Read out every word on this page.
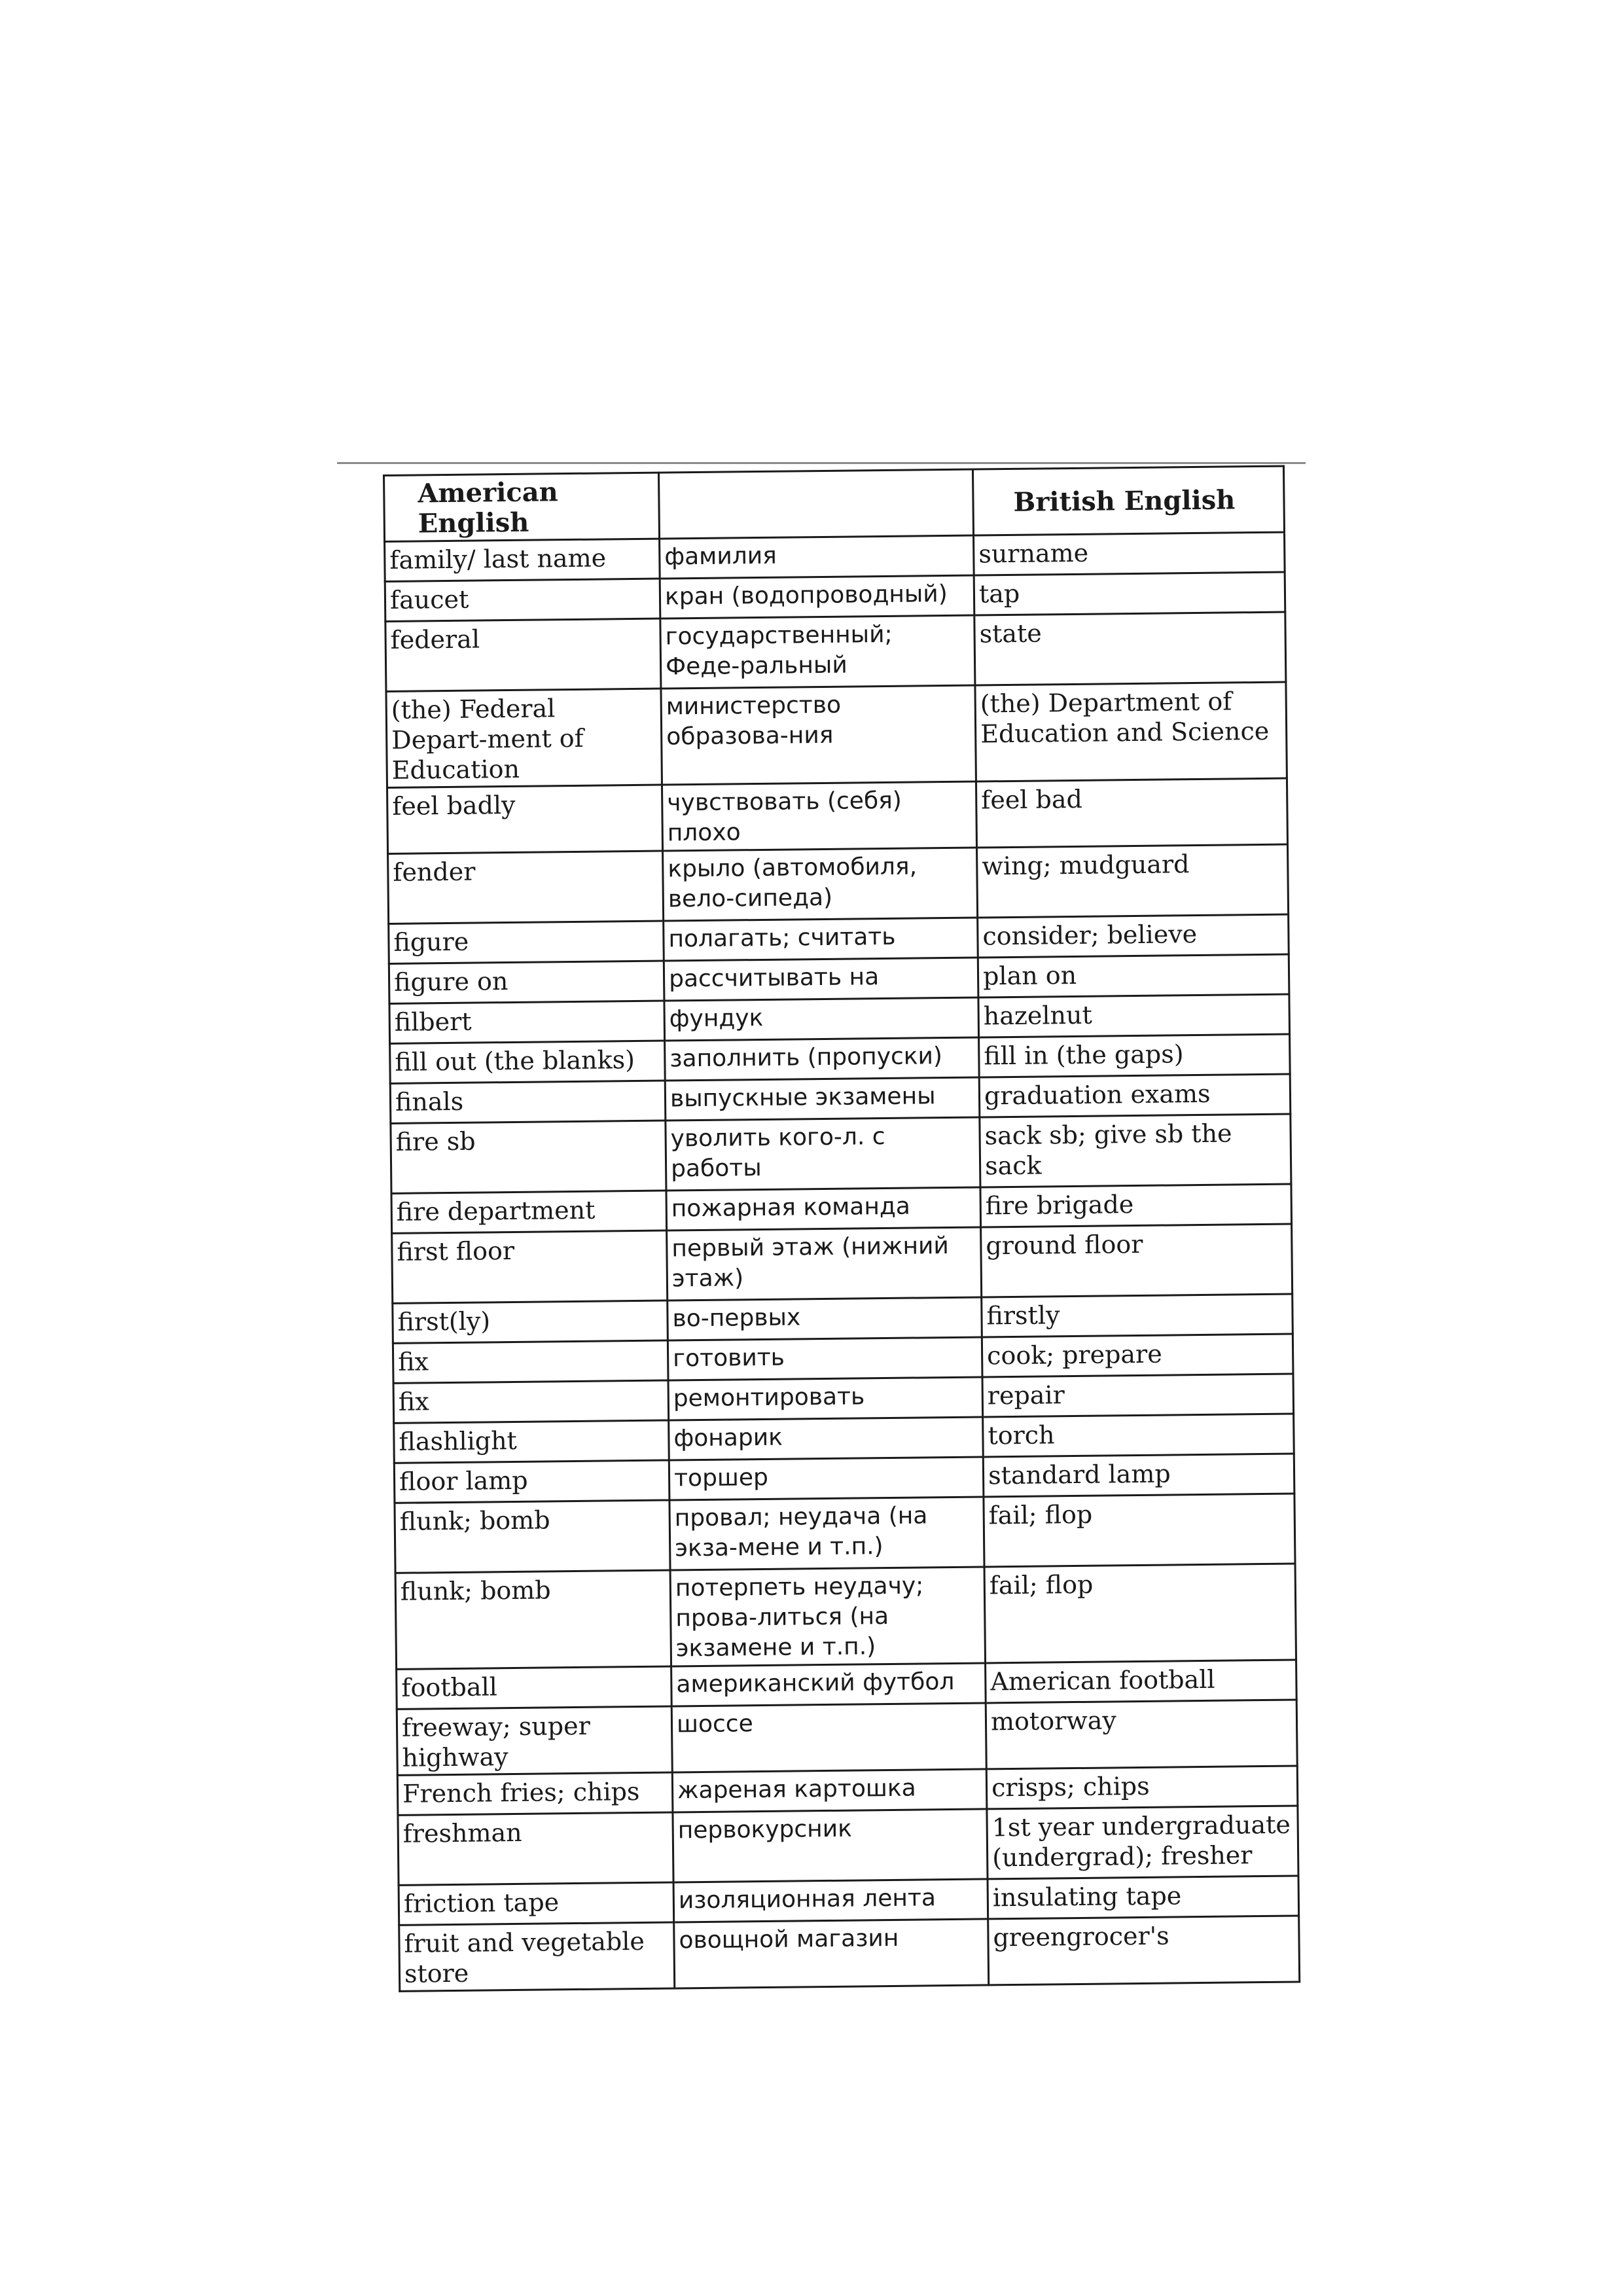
American English		British English
family/ last name	фамилия	surname
faucet	кран (водопроводный)	tap
federal	государственный; Феде-ральный	state
(the) Federal Depart-ment of Education	министерство образова-ния	(the) Department of Education and Science
feel badly	чувствовать (себя) плохо	feel bad
fender	крыло (автомобиля, вело-сипеда)	wing; mudguard
figure	полагать; считать	consider; believe
figure on	рассчитывать на	plan on
filbert	фундук	hazelnut
fill out (the blanks)	заполнить (пропуски)	fill in (the gaps)
finals	выпускные экзамены	graduation exams
fire sb	уволить кого-л. с работы	sack sb; give sb the sack
fire department	пожарная команда	fire brigade
first floor	первый этаж (нижний этаж)	ground floor
first(ly)	во-первых	firstly
fix	готовить	cook; prepare
fix	ремонтировать	repair
flashlight	фонарик	torch
floor lamp	торшер	standard lamp
flunk; bomb	провал; неудача (на экза-мене и т.п.)	fail; flop
flunk; bomb	потерпеть неудачу; прова-литься (на экзамене и т.п.)	fail; flop
football	американский футбол	American football
freeway; super highway	шоссе	motorway
French fries; chips	жареная картошка	crisps; chips
freshman	первокурсник	1st year undergraduate (undergrad); fresher
friction tape	изоляционная лента	insulating tape
fruit and vegetable store	овощной магазин	greengrocer's
